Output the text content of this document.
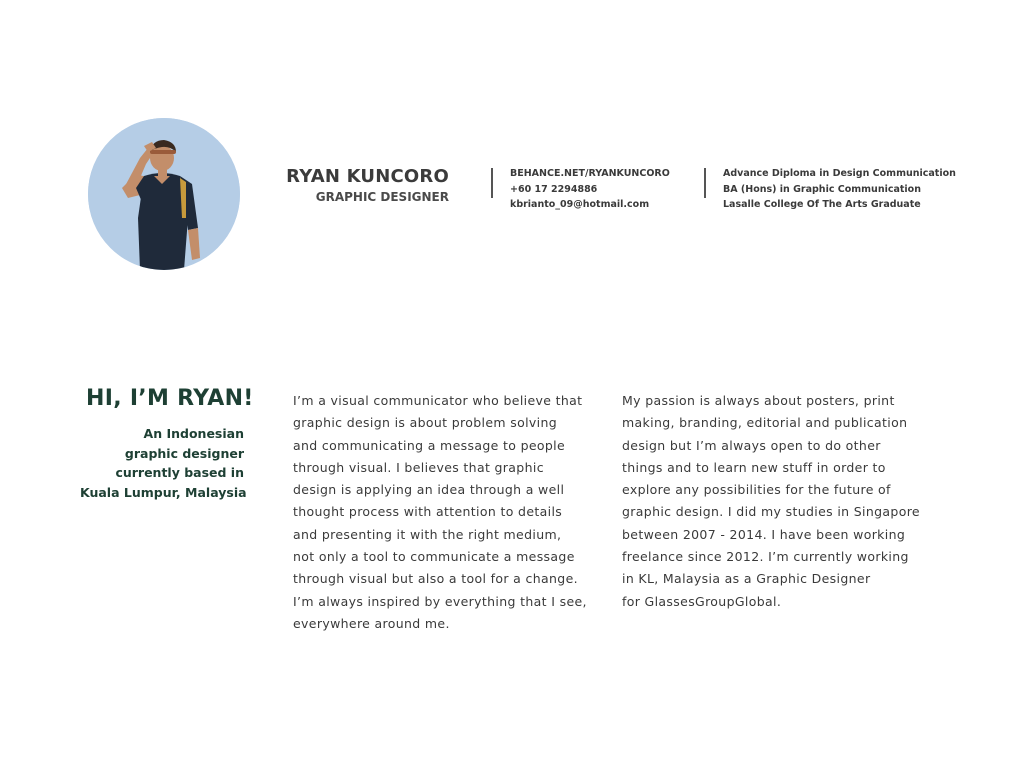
RYAN KUNCORO
GRAPHIC DESIGNER
BEHANCE.NET/RYANKUNCORO
+60 17 2294886
kbrianto_09@hotmail.com
Advance Diploma in Design Communication
BA (Hons) in Graphic Communication
Lasalle College Of The Arts Graduate
HI, I’M RYAN!
An Indonesian
graphic designer
currently based in
Kuala Lumpur, Malaysia
I’m a visual communicator who believe that
graphic design is about problem solving
and communicating a message to people
through visual. I believes that graphic
design is applying an idea through a well
thought process with attention to details
and presenting it with the right medium,
not only a tool to communicate a message
through visual but also a tool for a change.
I’m always inspired by everything that I see,
everywhere around me.
My passion is always about posters, print
making, branding, editorial and publication
design but I’m always open to do other
things and to learn new stuff in order to
explore any possibilities for the future of
graphic design. I did my studies in Singapore
between 2007 - 2014. I have been working
freelance since 2012. I’m currently working
in KL, Malaysia as a Graphic Designer
for GlassesGroupGlobal.
